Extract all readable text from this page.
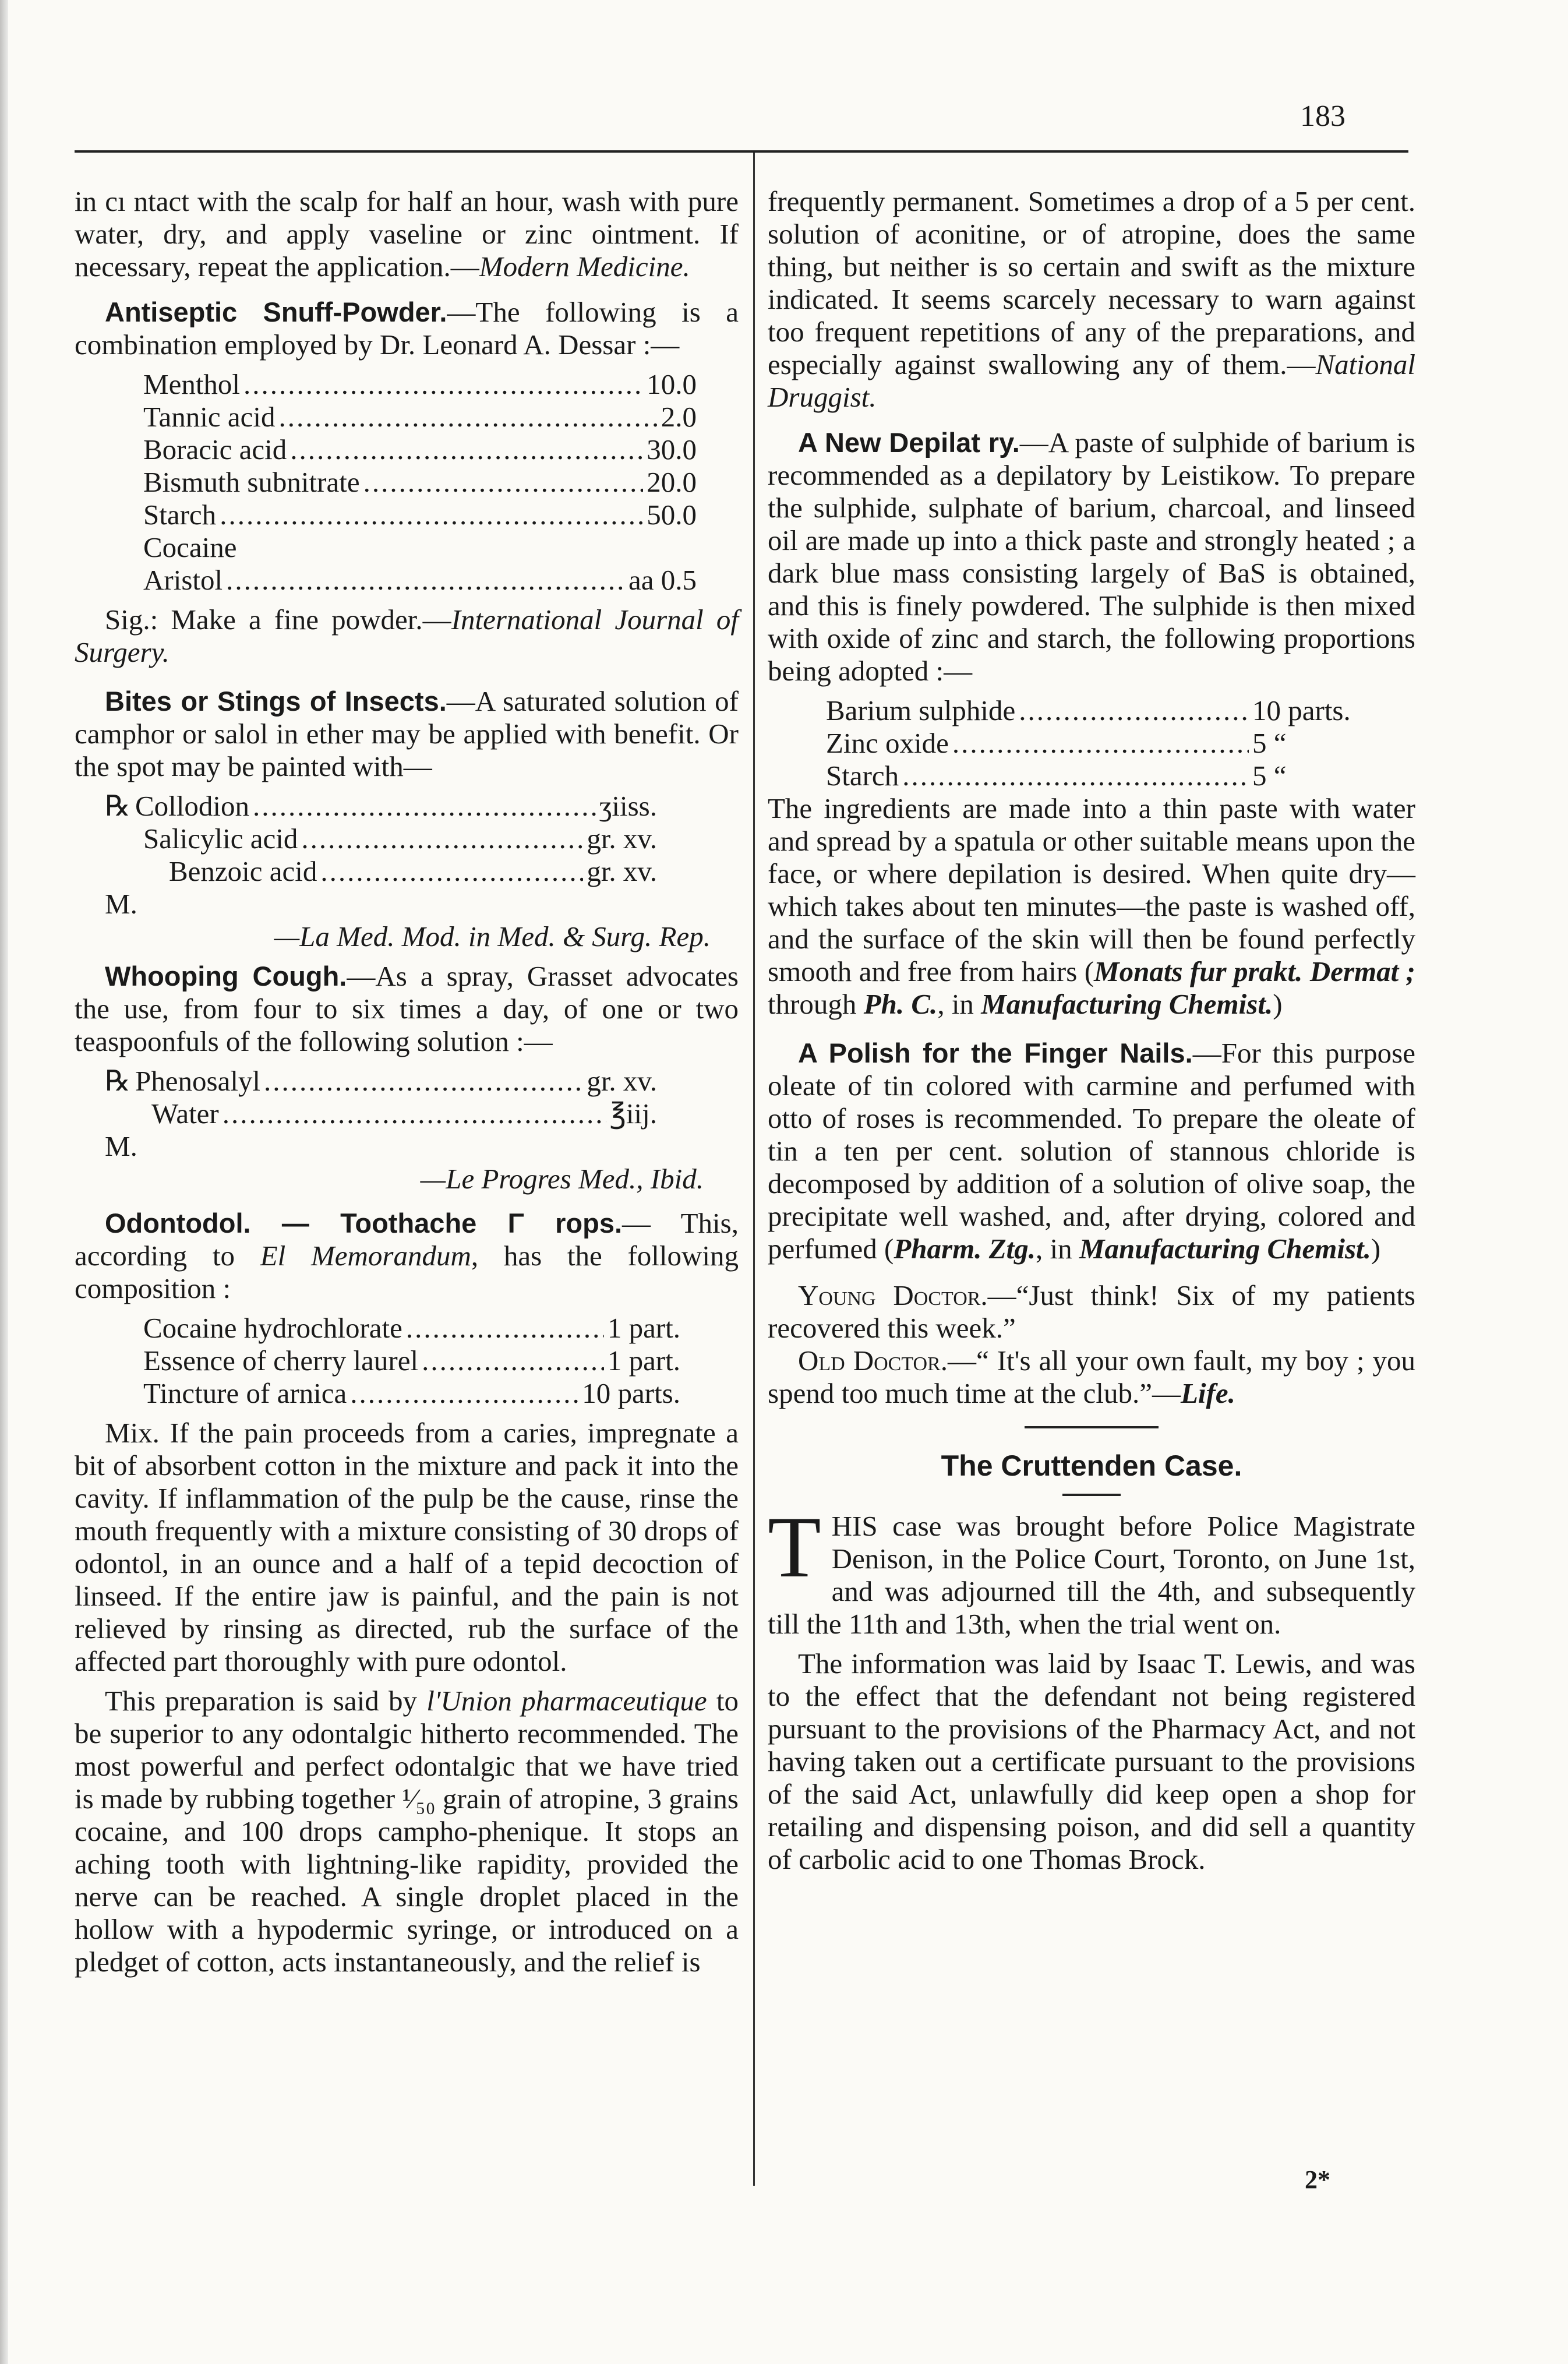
183

in cı ntact with the scalp for half an hour, wash with pure water, dry, and apply vaseline or zinc ointment. If necessary, repeat the application.—Modern Medicine.

Antiseptic Snuff-Powder.—The following is a combination employed by Dr. Leonard A. Dessar :—

Menthol .....	10.0
Tannic acid .....	2.0
Boracic acid .....	30.0
Bismuth subnitrate .....	20.0
Starch .....	50.0
Cocaine
Aristol .....	aa 0.5

Sig.: Make a fine powder.—International Journal of Surgery.

Bites or Stings of Insects.—A saturated solution of camphor or salol in ether may be applied with benefit. Or the spot may be painted with—

℞ Collodion .....	ʒiiss.
Salicylic acid .....	gr. xv.
Benzoic acid .....	gr. xv.

M.

—La Med. Mod. in Med. & Surg. Rep.

Whooping Cough.—As a spray, Grasset advocates the use, from four to six times a day, of one or two teaspoonfuls of the following solution :—

℞ Phenosalyl .....	gr. xv.
Water .....	℥iij.

M.

—Le Progres Med., Ibid.

Odontodol. — Toothache Γ rops.— This, according to El Memorandum, has the following composition :

Cocaine hydrochlorate .....	1 part.
Essence of cherry laurel .....	1 part.
Tincture of arnica .....	10 parts.

Mix. If the pain proceeds from a caries, impregnate a bit of absorbent cotton in the mixture and pack it into the cavity. If inflammation of the pulp be the cause, rinse the mouth frequently with a mixture consisting of 30 drops of odontol, in an ounce and a half of a tepid decoction of linseed. If the entire jaw is painful, and the pain is not relieved by rinsing as directed, rub the surface of the affected part thoroughly with pure odontol.

This preparation is said by l'Union pharmaceutique to be superior to any odontalgic hitherto recommended. The most powerful and perfect odontalgic that we have tried is made by rubbing together ¹⁄₅₀ grain of atropine, 3 grains cocaine, and 100 drops campho-phenique. It stops an aching tooth with lightning-like rapidity, provided the nerve can be reached. A single droplet placed in the hollow with a hypodermic syringe, or introduced on a pledget of cotton, acts instantaneously, and the relief is

frequently permanent. Sometimes a drop of a 5 per cent. solution of aconitine, or of atropine, does the same thing, but neither is so certain and swift as the mixture indicated. It seems scarcely necessary to warn against too frequent repetitions of any of the preparations, and especially against swallowing any of them.—National Druggist.

A New Depilat ry.—A paste of sulphide of barium is recommended as a depilatory by Leistikow. To prepare the sulphide, sulphate of barium, charcoal, and linseed oil are made up into a thick paste and strongly heated ; a dark blue mass consisting largely of BaS is obtained, and this is finely powdered. The sulphide is then mixed with oxide of zinc and starch, the following proportions being adopted :—

Barium sulphide .....	10 parts.
Zinc oxide .....	5 “
Starch .....	5 “

The ingredients are made into a thin paste with water and spread by a spatula or other suitable means upon the face, or where depilation is desired. When quite dry—which takes about ten minutes—the paste is washed off, and the surface of the skin will then be found perfectly smooth and free from hairs (Monats fur prakt. Dermat ; through Ph. C., in Manufacturing Chemist.)

A Polish for the Finger Nails.—For this purpose oleate of tin colored with carmine and perfumed with otto of roses is recommended. To prepare the oleate of tin a ten per cent. solution of stannous chloride is decomposed by addition of a solution of olive soap, the precipitate well washed, and, after drying, colored and perfumed (Pharm. Ztg., in Manufacturing Chemist.)

Young Doctor.—“Just think! Six of my patients recovered this week.”

Old Doctor.—“ It's all your own fault, my boy ; you spend too much time at the club.”—Life.

The Cruttenden Case.

THIS case was brought before Police Magistrate Denison, in the Police Court, Toronto, on June 1st, and was adjourned till the 4th, and subsequently till the 11th and 13th, when the trial went on.

The information was laid by Isaac T. Lewis, and was to the effect that the defendant not being registered pursuant to the provisions of the Pharmacy Act, and not having taken out a certificate pursuant to the provisions of the said Act, unlawfully did keep open a shop for retailing and dispensing poison, and did sell a quantity of carbolic acid to one Thomas Brock.

2*
